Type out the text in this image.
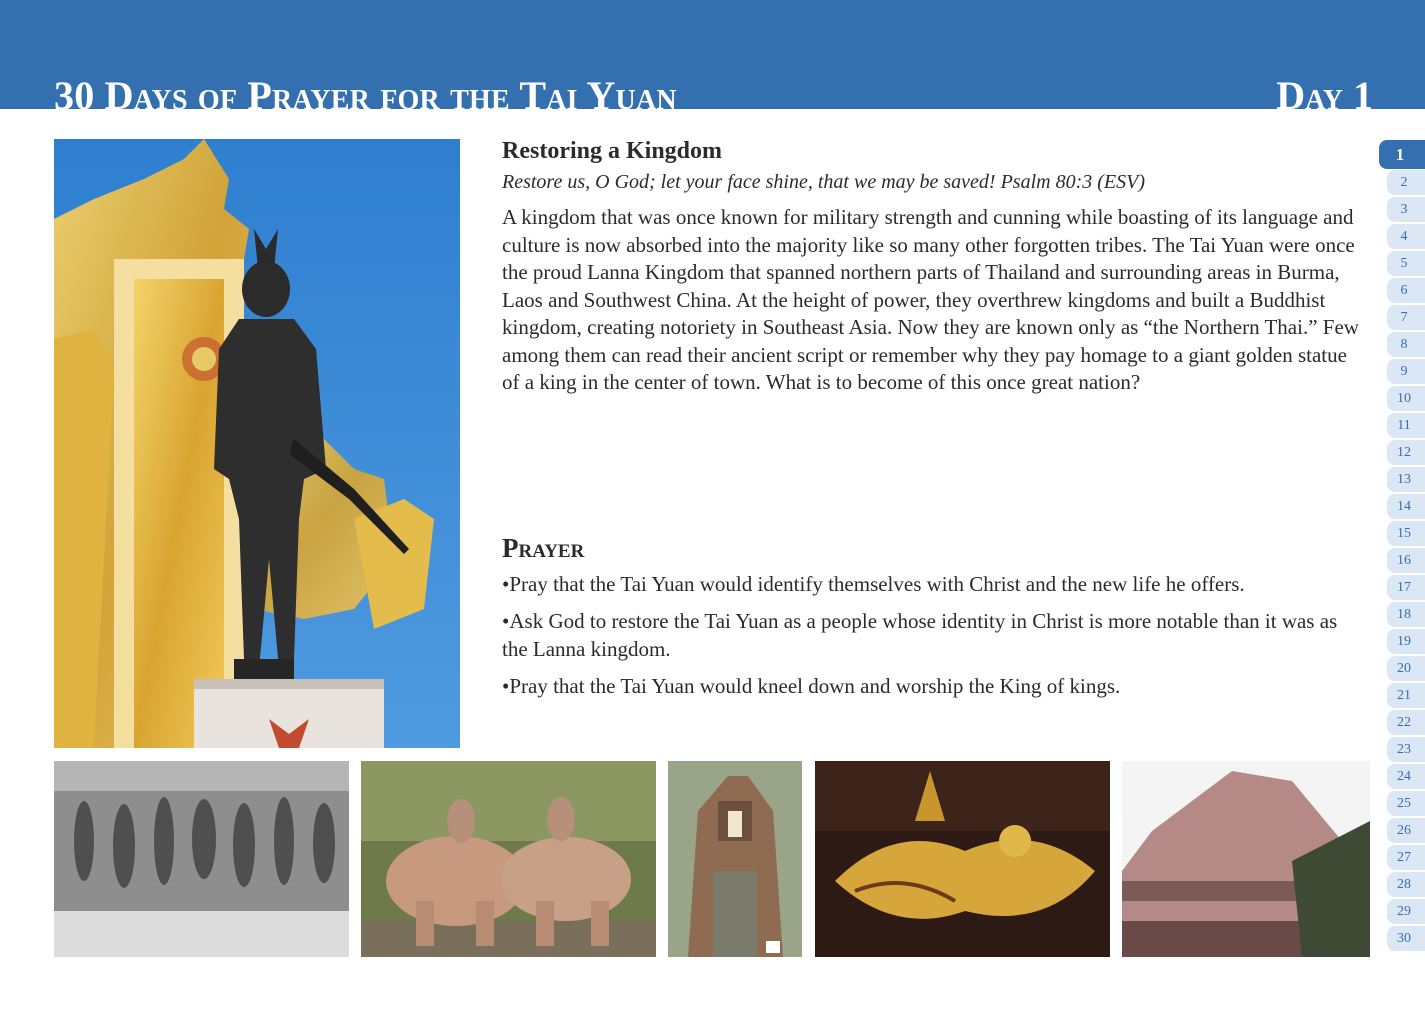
30 Days of Prayer for the Tai Yuan	Day 1
Restoring a Kingdom

Restore us, O God; let your face shine, that we may be saved! Psalm 80:3 (ESV)

A kingdom that was once known for military strength and cunning while boasting of its language and culture is now absorbed into the majority like so many other forgotten tribes. The Tai Yuan were once the proud Lanna Kingdom that spanned northern parts of Thailand and surrounding areas in Burma, Laos and Southwest China. At the height of power, they overthrew kingdoms and built a Buddhist kingdom, creating notoriety in Southeast Asia. Now they are known only as “the Northern Thai.” Few among them can read their ancient script or remember why they pay homage to a giant golden statue of a king in the center of town. What is to become of this once great nation?

Prayer
•Pray that the Tai Yuan would identify themselves with Christ and the new life he offers.
•Ask God to restore the Tai Yuan as a people whose identity in Christ is more notable than it was as the Lanna kingdom.
•Pray that the Tai Yuan would kneel down and worship the King of kings.
1
2
3
4
5
6
7
8
9
10
11
12
13
14
15
16
17
18
19
20
21
22
23
24
25
26
27
28
29
30
